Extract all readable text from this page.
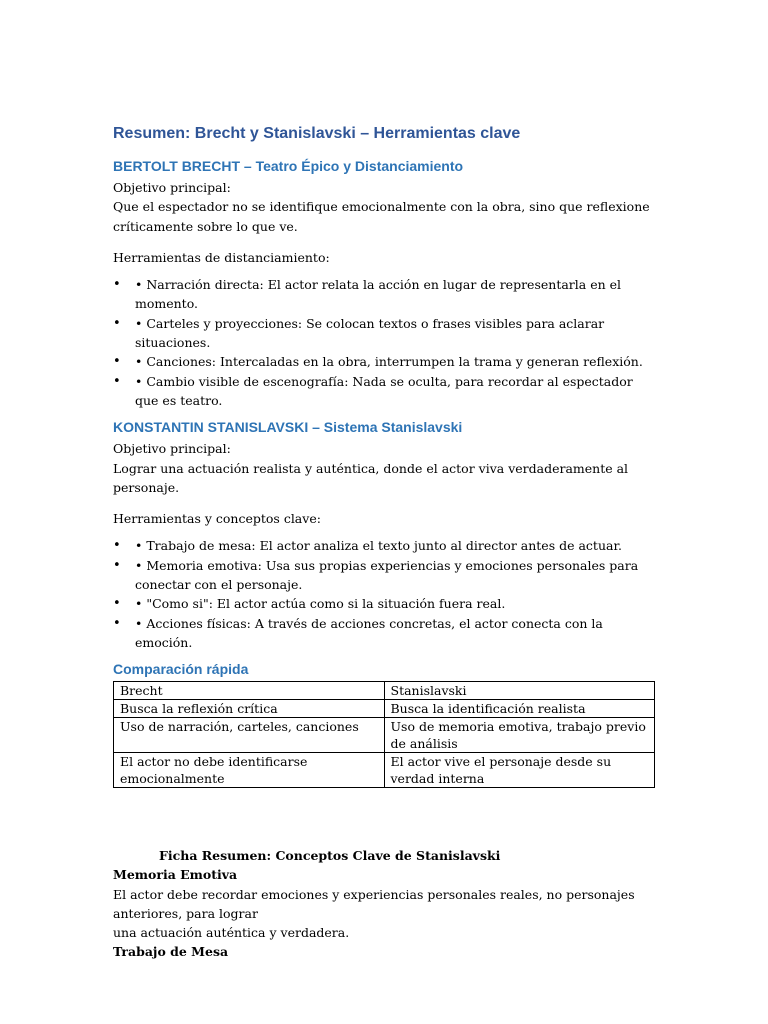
Resumen: Brecht y Stanislavski – Herramientas clave
BERTOLT BRECHT – Teatro Épico y Distanciamiento

Objetivo principal:

Que el espectador no se identifique emocionalmente con la obra, sino que reflexione críticamente sobre lo que ve.

Herramientas de distanciamiento:

• • Narración directa: El actor relata la acción en lugar de representarla en el momento.
• • Carteles y proyecciones: Se colocan textos o frases visibles para aclarar situaciones.
• • Canciones: Intercaladas en la obra, interrumpen la trama y generan reflexión.
• • Cambio visible de escenografía: Nada se oculta, para recordar al espectador que es teatro.
KONSTANTIN STANISLAVSKI – Sistema Stanislavski

Objetivo principal:

Lograr una actuación realista y auténtica, donde el actor viva verdaderamente al personaje.

Herramientas y conceptos clave:

• • Trabajo de mesa: El actor analiza el texto junto al director antes de actuar.
• • Memoria emotiva: Usa sus propias experiencias y emociones personales para conectar con el personaje.
• • "Como si": El actor actúa como si la situación fuera real.
• • Acciones físicas: A través de acciones concretas, el actor conecta con la emoción.
Comparación rápida
Brecht	Stanislavski
Busca la reflexión crítica	Busca la identificación realista
Uso de narración, carteles, canciones	Uso de memoria emotiva, trabajo previo de análisis
El actor no debe identificarse emocionalmente	El actor vive el personaje desde su verdad interna

Ficha Resumen: Conceptos Clave de Stanislavski

Memoria Emotiva

El actor debe recordar emociones y experiencias personales reales, no personajes anteriores, para lograr

una actuación auténtica y verdadera.

Trabajo de Mesa
